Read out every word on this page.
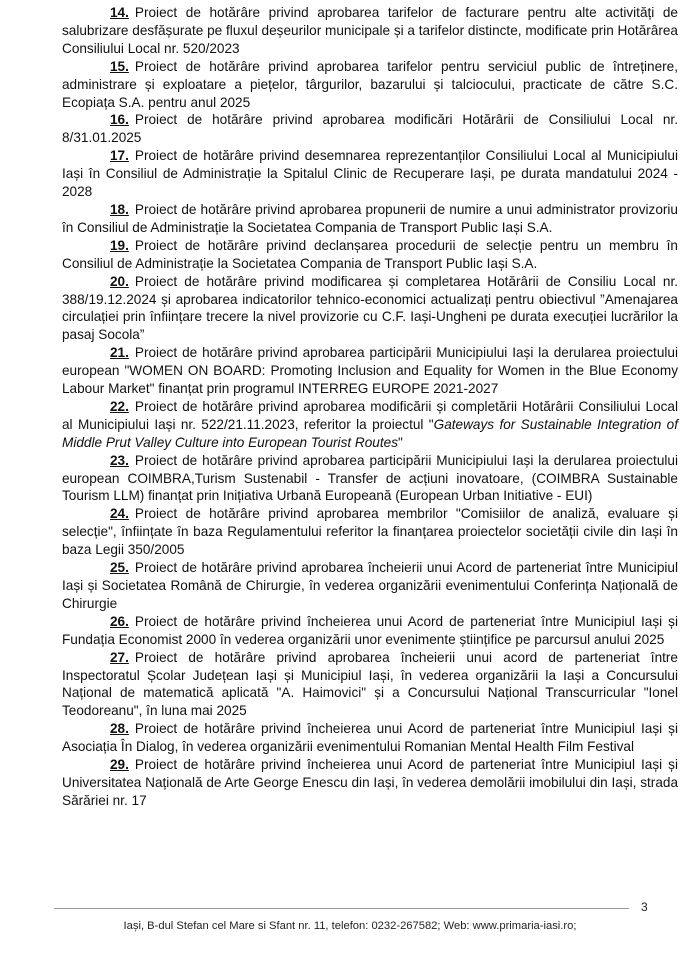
14. Proiect de hotărâre privind aprobarea tarifelor de facturare pentru alte activități de salubrizare desfășurate pe fluxul deșeurilor municipale și a tarifelor distincte, modificate prin Hotărârea Consiliului Local nr. 520/2023

15. Proiect de hotărâre privind aprobarea tarifelor pentru serviciul public de întreținere, administrare și exploatare a piețelor, târgurilor, bazarului și talciocului, practicate de către S.C. Ecopiața S.A. pentru anul 2025

16. Proiect de hotărâre privind aprobarea modificări Hotărârii de Consiliului Local nr. 8/31.01.2025

17. Proiect de hotărâre privind desemnarea reprezentanților Consiliului Local al Municipiului Iași în Consiliul de Administrație la Spitalul Clinic de Recuperare Iași, pe durata mandatului 2024 - 2028

18. Proiect de hotărâre privind aprobarea propunerii de numire a unui administrator provizoriu în Consiliul de Administrație la Societatea Compania de Transport Public Iași S.A.

19. Proiect de hotărâre privind declanșarea procedurii de selecție pentru un membru în Consiliul de Administrație la Societatea Compania de Transport Public Iași S.A.

20. Proiect de hotărâre privind modificarea și completarea Hotărârii de Consiliu Local nr. 388/19.12.2024 și aprobarea indicatorilor tehnico-economici actualizați pentru obiectivul ”Amenajarea circulației prin înființare trecere la nivel provizorie cu C.F. Iași-Ungheni pe durata execuției lucrărilor la pasaj Socola”

21. Proiect de hotărâre privind aprobarea participării Municipiului Iași la derularea proiectului european "WOMEN ON BOARD: Promoting Inclusion and Equality for Women in the Blue Economy Labour Market" finanțat prin programul INTERREG EUROPE 2021-2027

22. Proiect de hotărâre privind aprobarea modificării și completării Hotărârii Consiliului Local al Municipiului Iași nr. 522/21.11.2023, referitor la proiectul "Gateways for Sustainable Integration of Middle Prut Valley Culture into European Tourist Routes"

23. Proiect de hotărâre privind aprobarea participării Municipiului Iași la derularea proiectului european COIMBRA,Turism Sustenabil - Transfer de acțiuni inovatoare, (COIMBRA Sustainable Tourism LLM) finanțat prin Inițiativa Urbană Europeană (European Urban Initiative - EUI)

24. Proiect de hotărâre privind aprobarea membrilor "Comisiilor de analiză, evaluare și selecție", înființate în baza Regulamentului referitor la finanțarea proiectelor societății civile din Iași în baza Legii 350/2005

25. Proiect de hotărâre privind aprobarea încheierii unui Acord de parteneriat între Municipiul Iași și Societatea Română de Chirurgie, în vederea organizării evenimentului Conferința Națională de Chirurgie

26. Proiect de hotărâre privind încheierea unui Acord de parteneriat între Municipiul Iași și Fundația Economist 2000 în vederea organizării unor evenimente științifice pe parcursul anului 2025

27. Proiect de hotărâre privind aprobarea încheierii unui acord de parteneriat între Inspectoratul Școlar Județean Iași și Municipiul Iași, în vederea organizării la Iași a Concursului Național de matematică aplicată "A. Haimovici" și a Concursului Național Transcurricular "Ionel Teodoreanu", în luna mai 2025

28. Proiect de hotărâre privind încheierea unui Acord de parteneriat între Municipiul Iași și Asociația În Dialog, în vederea organizării evenimentului Romanian Mental Health Film Festival

29. Proiect de hotărâre privind încheierea unui Acord de parteneriat între Municipiul Iași și Universitatea Națională de Arte George Enescu din Iași, în vederea demolării imobilului din Iași, strada Sărăriei nr. 17

3
Iași, B-dul Stefan cel Mare si Sfant nr. 11, telefon: 0232-267582; Web: www.primaria-iasi.ro;
